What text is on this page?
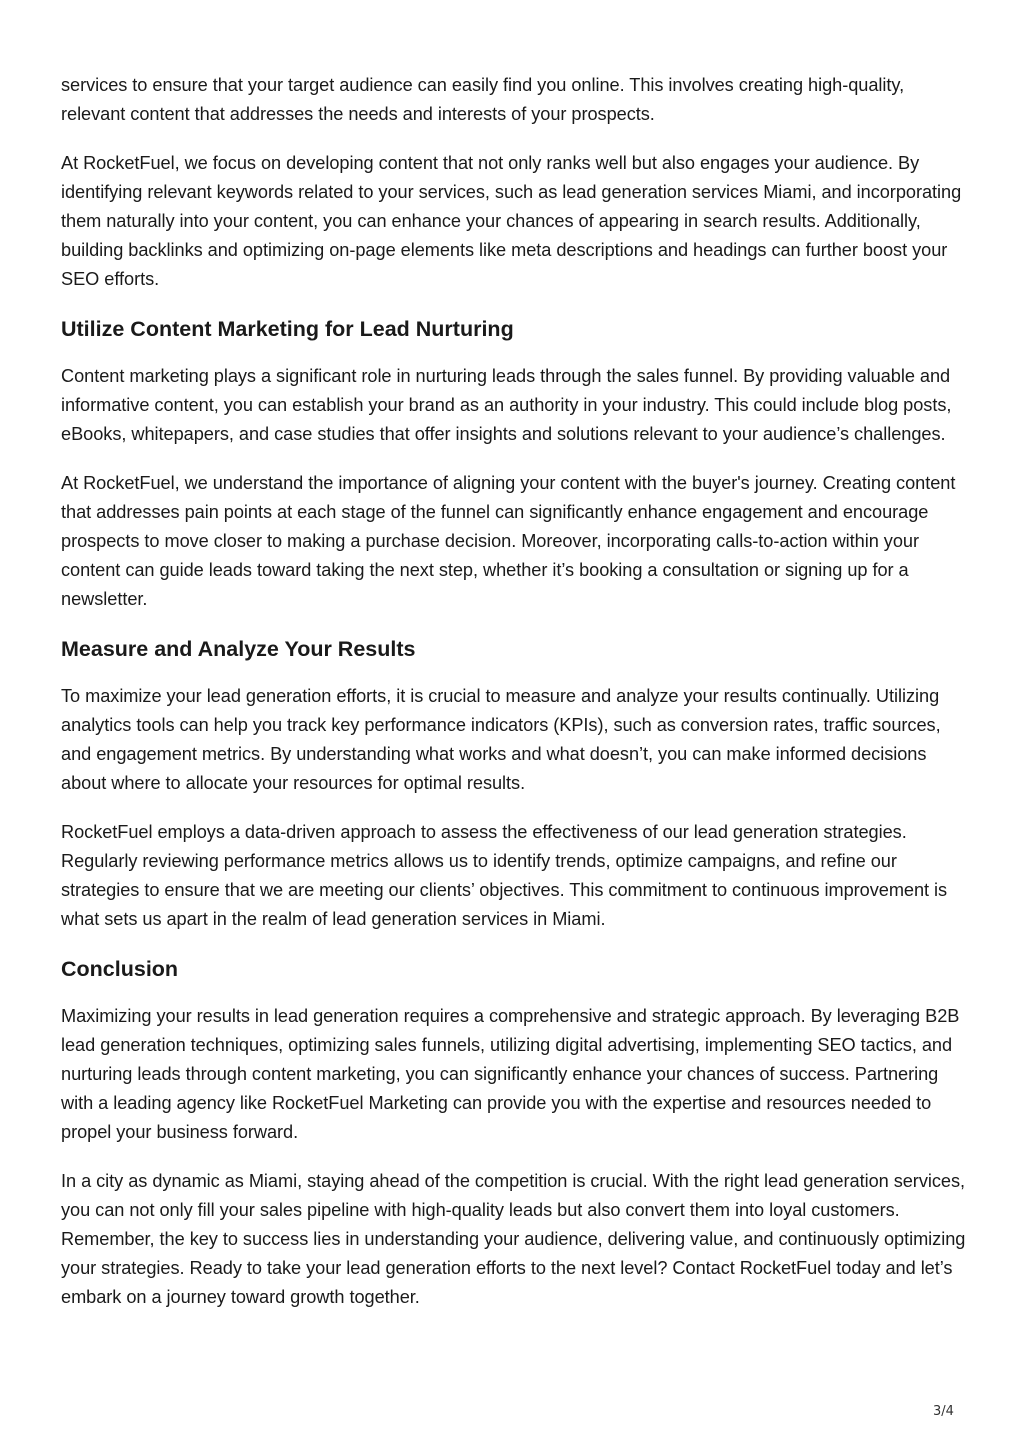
services to ensure that your target audience can easily find you online. This involves creating high-quality, relevant content that addresses the needs and interests of your prospects.

At RocketFuel, we focus on developing content that not only ranks well but also engages your audience. By identifying relevant keywords related to your services, such as lead generation services Miami, and incorporating them naturally into your content, you can enhance your chances of appearing in search results. Additionally, building backlinks and optimizing on-page elements like meta descriptions and headings can further boost your SEO efforts.

Utilize Content Marketing for Lead Nurturing

Content marketing plays a significant role in nurturing leads through the sales funnel. By providing valuable and informative content, you can establish your brand as an authority in your industry. This could include blog posts, eBooks, whitepapers, and case studies that offer insights and solutions relevant to your audience’s challenges.

At RocketFuel, we understand the importance of aligning your content with the buyer's journey. Creating content that addresses pain points at each stage of the funnel can significantly enhance engagement and encourage prospects to move closer to making a purchase decision. Moreover, incorporating calls-to-action within your content can guide leads toward taking the next step, whether it’s booking a consultation or signing up for a newsletter.

Measure and Analyze Your Results

To maximize your lead generation efforts, it is crucial to measure and analyze your results continually. Utilizing analytics tools can help you track key performance indicators (KPIs), such as conversion rates, traffic sources, and engagement metrics. By understanding what works and what doesn’t, you can make informed decisions about where to allocate your resources for optimal results.

RocketFuel employs a data-driven approach to assess the effectiveness of our lead generation strategies. Regularly reviewing performance metrics allows us to identify trends, optimize campaigns, and refine our strategies to ensure that we are meeting our clients’ objectives. This commitment to continuous improvement is what sets us apart in the realm of lead generation services in Miami.

Conclusion

Maximizing your results in lead generation requires a comprehensive and strategic approach. By leveraging B2B lead generation techniques, optimizing sales funnels, utilizing digital advertising, implementing SEO tactics, and nurturing leads through content marketing, you can significantly enhance your chances of success. Partnering with a leading agency like RocketFuel Marketing can provide you with the expertise and resources needed to propel your business forward.

In a city as dynamic as Miami, staying ahead of the competition is crucial. With the right lead generation services, you can not only fill your sales pipeline with high-quality leads but also convert them into loyal customers. Remember, the key to success lies in understanding your audience, delivering value, and continuously optimizing your strategies. Ready to take your lead generation efforts to the next level? Contact RocketFuel today and let’s embark on a journey toward growth together.

3/4
